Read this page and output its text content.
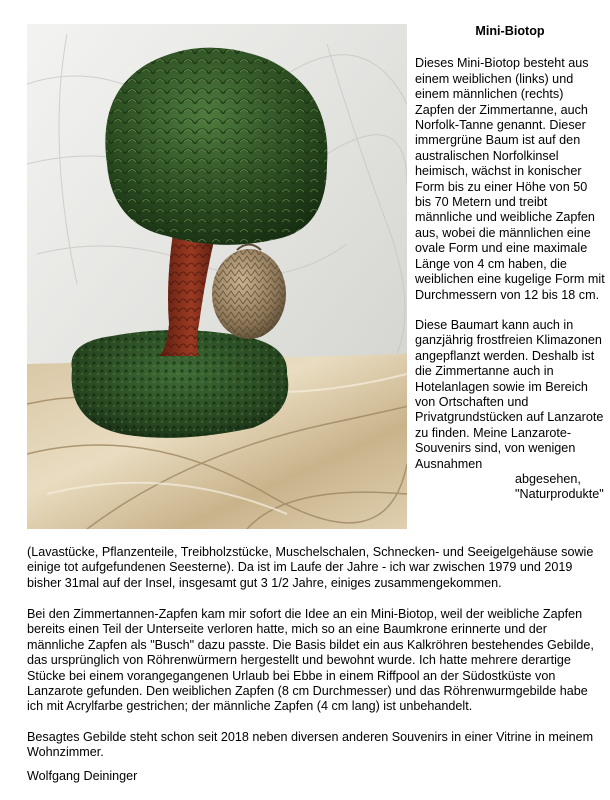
Mini-Biotop

Dieses Mini-Biotop besteht aus einem weiblichen (links) und einem männlichen (rechts) Zapfen der Zimmertanne, auch Norfolk-Tanne genannt. Dieser immergrüne Baum ist auf den australischen Norfolkinsel heimisch, wächst in konischer Form bis zu einer Höhe von 50 bis 70 Metern und treibt männliche und weibliche Zapfen aus, wobei die männlichen eine ovale Form und eine maximale Länge von 4 cm haben, die weiblichen eine kugelige Form mit Durchmessern von 12 bis 18 cm.

Diese Baumart kann auch in ganzjährig frostfreien Klimazonen angepflanzt werden. Deshalb ist die Zimmertanne auch in Hotelanlagen sowie im Bereich von Ortschaften und Privatgrundstücken auf Lanzarote zu finden. Meine Lanzarote-Souvenirs sind, von wenigen Ausnahmen
abgesehen, "Naturprodukte"

(Lavastücke, Pflanzenteile, Treibholzstücke, Muschelschalen, Schnecken- und Seeigelgehäuse sowie einige tot aufgefundenen Seesterne). Da ist im Laufe der Jahre - ich war zwischen 1979 und 2019 bisher 31mal auf der Insel, insgesamt gut 3 1/2 Jahre, einiges zusammengekommen.

Bei den Zimmertannen-Zapfen kam mir sofort die Idee an ein Mini-Biotop, weil der weibliche Zapfen bereits einen Teil der Unterseite verloren hatte, mich so an eine Baumkrone erinnerte und der männliche Zapfen als "Busch" dazu passte. Die Basis bildet ein aus Kalkröhren bestehendes Gebilde, das ursprünglich von Röhrenwürmern hergestellt und bewohnt wurde. Ich hatte mehrere derartige Stücke bei einem vorangegangenen Urlaub bei Ebbe in einem Riffpool an der Südostküste von Lanzarote gefunden. Den weiblichen Zapfen (8 cm Durchmesser) und das Röhrenwurmgebilde habe ich mit Acrylfarbe gestrichen; der männliche Zapfen (4 cm lang) ist unbehandelt.

Besagtes Gebilde steht schon seit 2018 neben diversen anderen Souvenirs in einer Vitrine in meinem Wohnzimmer.

Wolfgang Deininger
